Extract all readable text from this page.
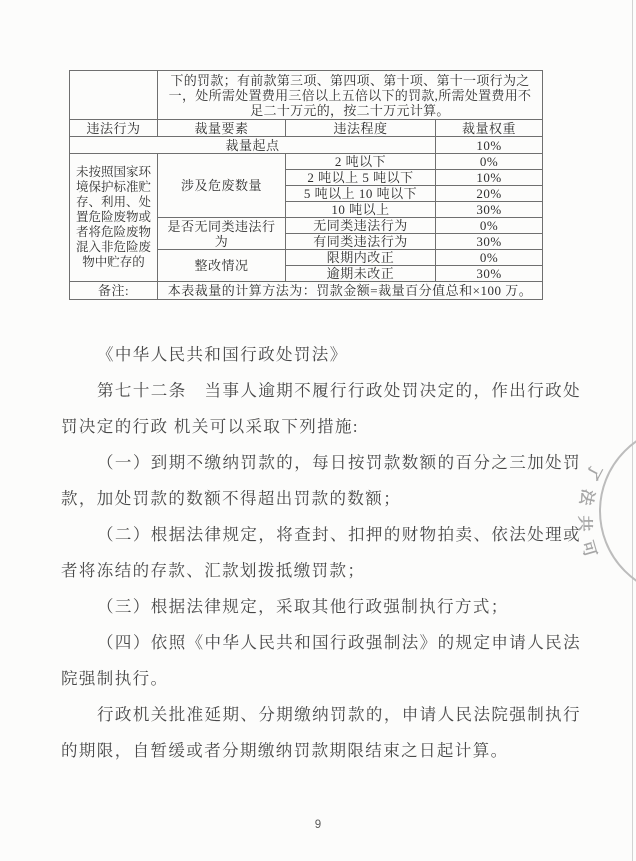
	下的罚款；有前款第三项、第四项、第十项、第十一项行为之一，处所需处置费用三倍以上五倍以下的罚款,所需处置费用不足二十万元的，按二十万元计算。		
违法行为	裁量要素	违法程度	裁量权重
裁量起点			10%
未按照国家环境保护标准贮存、利用、处置危险废物或者将危险废物混入非危险废物中贮存的	涉及危废数量	2 吨以下	0%
		2 吨以上 5 吨以下	10%
		5 吨以上 10 吨以下	20%
		10 吨以上	30%
	是否无同类违法行为	无同类违法行为	0%
		有同类违法行为	30%
	整改情况	限期内改正	0%
		逾期未改正	30%
备注:	本表裁量的计算方法为：罚款金额=裁量百分值总和×100 万。		

《中华人民共和国行政处罚法》

第七十二条　当事人逾期不履行行政处罚决定的，作出行政处罚决定的行政 机关可以采取下列措施:

（一）到期不缴纳罚款的，每日按罚款数额的百分之三加处罚款，加处罚款的数额不得超出罚款的数额；

（二）根据法律规定，将查封、扣押的财物拍卖、依法处理或者将冻结的存款、汇款划拨抵缴罚款；

（三）根据法律规定，采取其他行政强制执行方式；

（四）依照《中华人民共和国行政强制法》的规定申请人民法院强制执行。

行政机关批准延期、分期缴纳罚款的，申请人民法院强制执行的期限，自暂缓或者分期缴纳罚款期限结束之日起计算。

了
法
共
可
9
